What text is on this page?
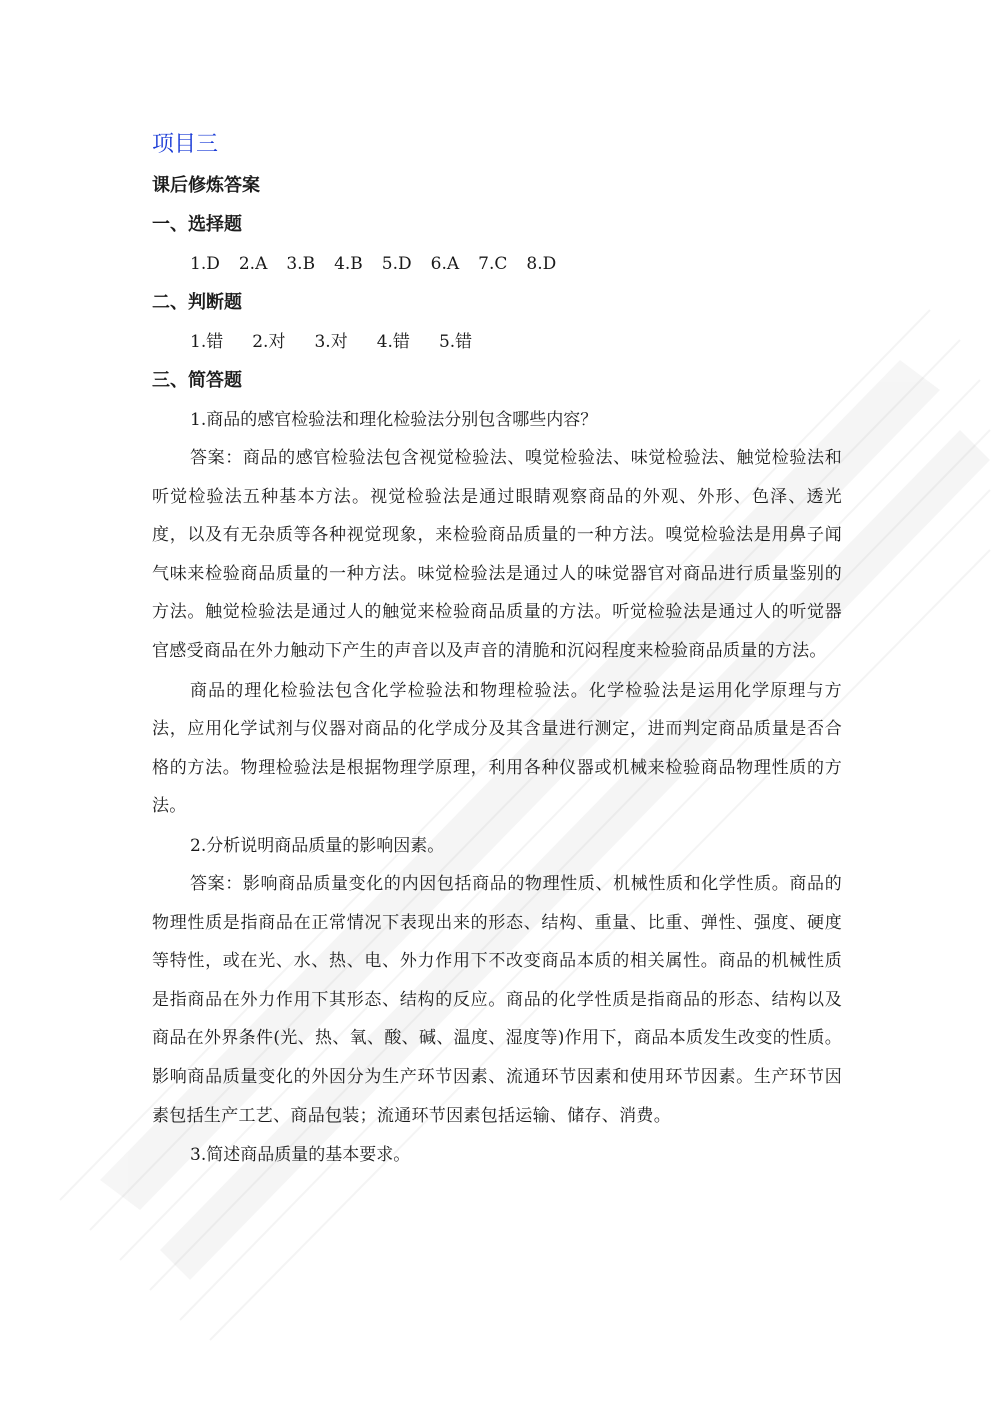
项目三
课后修炼答案
一、选择题
1.D 2.A 3.B 4.B 5.D 6.A 7.C 8.D
二、判断题
1.错 2.对 3.对 4.错 5.错
三、简答题
1.商品的感官检验法和理化检验法分别包含哪些内容？

答案：商品的感官检验法包含视觉检验法、嗅觉检验法、味觉检验法、触觉检验法和听觉检验法五种基本方法。视觉检验法是通过眼睛观察商品的外观、外形、色泽、透光度，以及有无杂质等各种视觉现象，来检验商品质量的一种方法。嗅觉检验法是用鼻子闻气味来检验商品质量的一种方法。味觉检验法是通过人的味觉器官对商品进行质量鉴别的方法。触觉检验法是通过人的触觉来检验商品质量的方法。听觉检验法是通过人的听觉器官感受商品在外力触动下产生的声音以及声音的清脆和沉闷程度来检验商品质量的方法。

商品的理化检验法包含化学检验法和物理检验法。化学检验法是运用化学原理与方法，应用化学试剂与仪器对商品的化学成分及其含量进行测定，进而判定商品质量是否合格的方法。物理检验法是根据物理学原理，利用各种仪器或机械来检验商品物理性质的方法。

2.分析说明商品质量的影响因素。

答案：影响商品质量变化的内因包括商品的物理性质、机械性质和化学性质。商品的物理性质是指商品在正常情况下表现出来的形态、结构、重量、比重、弹性、强度、硬度等特性，或在光、水、热、电、外力作用下不改变商品本质的相关属性。商品的机械性质是指商品在外力作用下其形态、结构的反应。商品的化学性质是指商品的形态、结构以及商品在外界条件(光、热、氧、酸、碱、温度、湿度等)作用下，商品本质发生改变的性质。影响商品质量变化的外因分为生产环节因素、流通环节因素和使用环节因素。生产环节因素包括生产工艺、商品包装；流通环节因素包括运输、储存、消费。

3.简述商品质量的基本要求。
